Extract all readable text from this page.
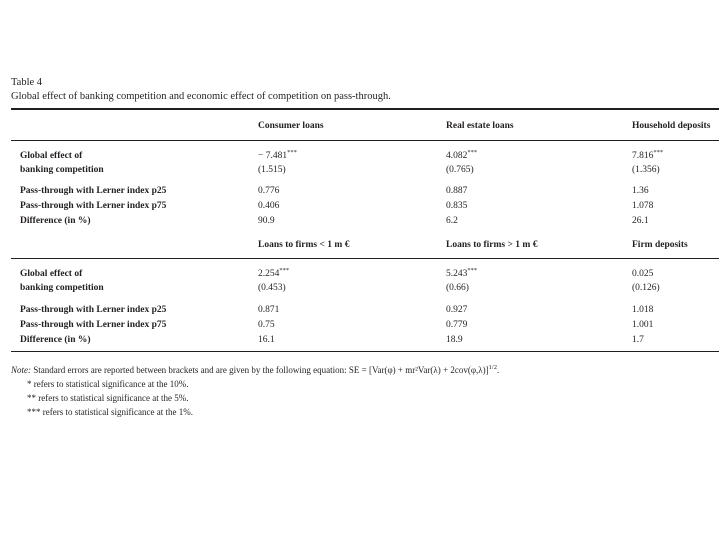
Table 4
Global effect of banking competition and economic effect of competition on pass-through.
Consumer loans	Real estate loans	Household deposits
Global effect of
banking competition
− 7.481***	4.082***	7.816***
(1.515)	(0.765)	(1.356)
Pass-through with Lerner index p25	0.776	0.887	1.36
Pass-through with Lerner index p75	0.406	0.835	1.078
Difference (in %)	90.9	6.2	26.1
Loans to firms < 1 m €	Loans to firms > 1 m €	Firm deposits
Global effect of
banking competition
2.254***	5.243***	0.025
(0.453)	(0.66)	(0.126)
Pass-through with Lerner index p25	0.871	0.927	1.018
Pass-through with Lerner index p75	0.75	0.779	1.001
Difference (in %)	16.1	18.9	1.7
Note: Standard errors are reported between brackets and are given by the following equation: SE = $[Var(\varphi) + mr^2Var(\lambda) + 2cov(\varphi,\lambda)]^{1/2}$.
* refers to statistical significance at the 10%.
** refers to statistical significance at the 5%.
*** refers to statistical significance at the 1%.
